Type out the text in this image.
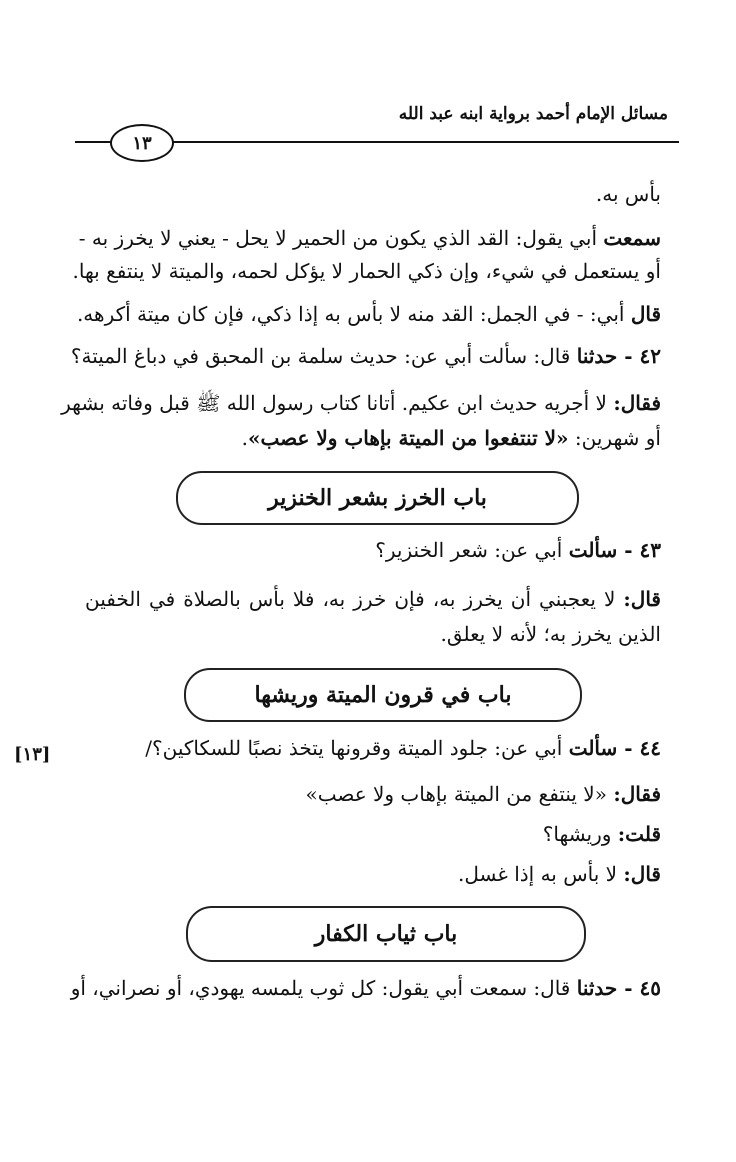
مسائل الإمام أحمد برواية ابنه عبد الله
١٣
بأس به.
سمعت أبي يقول: القد الذي يكون من الحمير لا يحل - يعني لا يخرز به -
أو يستعمل في شيء، وإن ذكي الحمار لا يؤكل لحمه، والميتة لا ينتفع بها.
قال أبي: - في الجمل: القد منه لا بأس به إذا ذكي، فإن كان ميتة أكرهه.
٤٢ - حدثنا قال: سألت أبي عن: حديث سلمة بن المحبق في دباغ الميتة؟
فقال: لا أجريه حديث ابن عكيم. أتانا كتاب رسول الله ﷺ قبل وفاته بشهر
أو شهرين: «لا تنتفعوا من الميتة بإهاب ولا عصب».
باب الخرز بشعر الخنزير
٤٣ - سألت أبي عن: شعر الخنزير؟
قال: لا يعجبني أن يخرز به، فإن خرز به، فلا بأس بالصلاة في الخفين
الذين يخرز به؛ لأنه لا يعلق.
باب في قرون الميتة وريشها
[١٣]	٤٤ - سألت أبي عن: جلود الميتة وقرونها يتخذ نصبًا للسكاكين؟/
فقال: «لا ينتفع من الميتة بإهاب ولا عصب»
قلت: وريشها؟
قال: لا بأس به إذا غسل.
باب ثياب الكفار
٤٥ - حدثنا قال: سمعت أبي يقول: كل ثوب يلمسه يهودي، أو نصراني، أو
